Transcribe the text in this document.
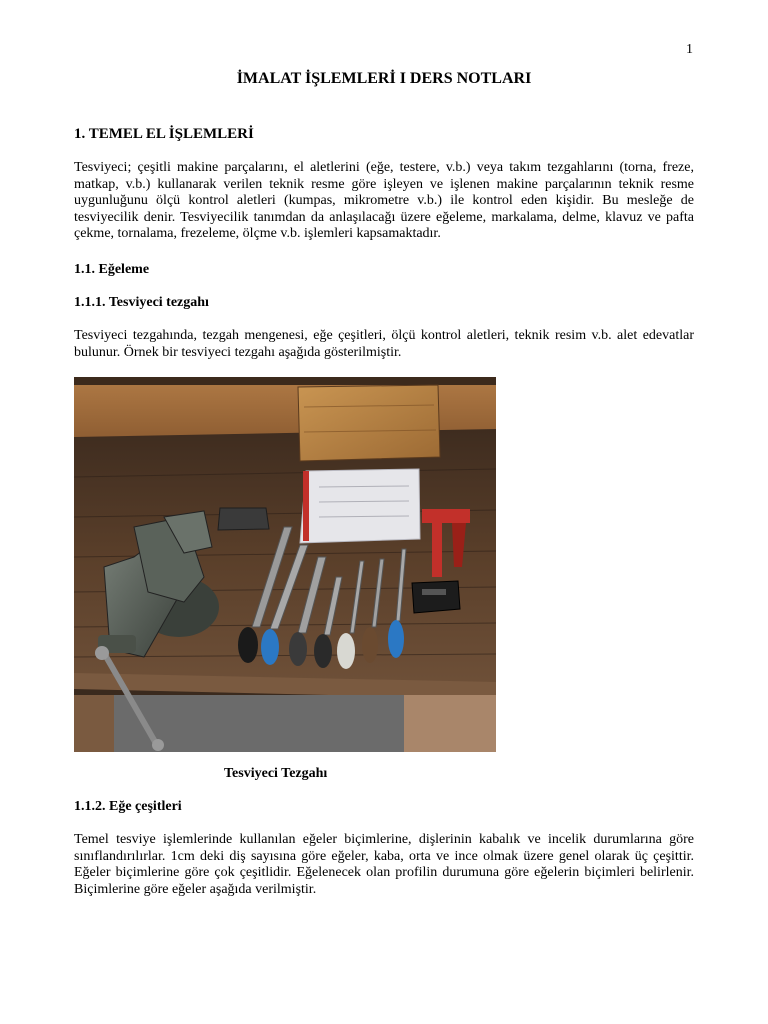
1
İMALAT İŞLEMLERİ I DERS NOTLARI
1. TEMEL EL İŞLEMLERİ

Tesviyeci; çeşitli makine parçalarını, el aletlerini (eğe, testere, v.b.) veya takım tezgahlarını (torna, freze, matkap, v.b.) kullanarak verilen teknik resme göre işleyen ve işlenen makine parçalarının teknik resme uygunluğunu ölçü kontrol aletleri (kumpas, mikrometre v.b.) ile kontrol eden kişidir. Bu mesleğe de tesviyecilik denir. Tesviyecilik tanımdan da anlaşılacağı üzere eğeleme, markalama, delme, klavuz ve pafta çekme, tornalama, frezeleme, ölçme v.b. işlemleri kapsamaktadır.

1.1. Eğeleme
1.1.1. Tesviyeci tezgahı

Tesviyeci tezgahında, tezgah mengenesi, eğe çeşitleri, ölçü kontrol aletleri, teknik resim v.b. alet edevatlar bulunur. Örnek bir tesviyeci tezgahı aşağıda gösterilmiştir.

Tesviyeci Tezgahı

1.1.2. Eğe çeşitleri

Temel tesviye işlemlerinde kullanılan eğeler biçimlerine, dişlerinin kabalık ve incelik durumlarına göre sınıflandırılırlar. 1cm deki diş sayısına göre eğeler, kaba, orta ve ince olmak üzere genel olarak üç çeşittir. Eğeler biçimlerine göre çok çeşitlidir. Eğelenecek olan profilin durumuna göre eğelerin biçimleri belirlenir. Biçimlerine göre eğeler aşağıda verilmiştir.
